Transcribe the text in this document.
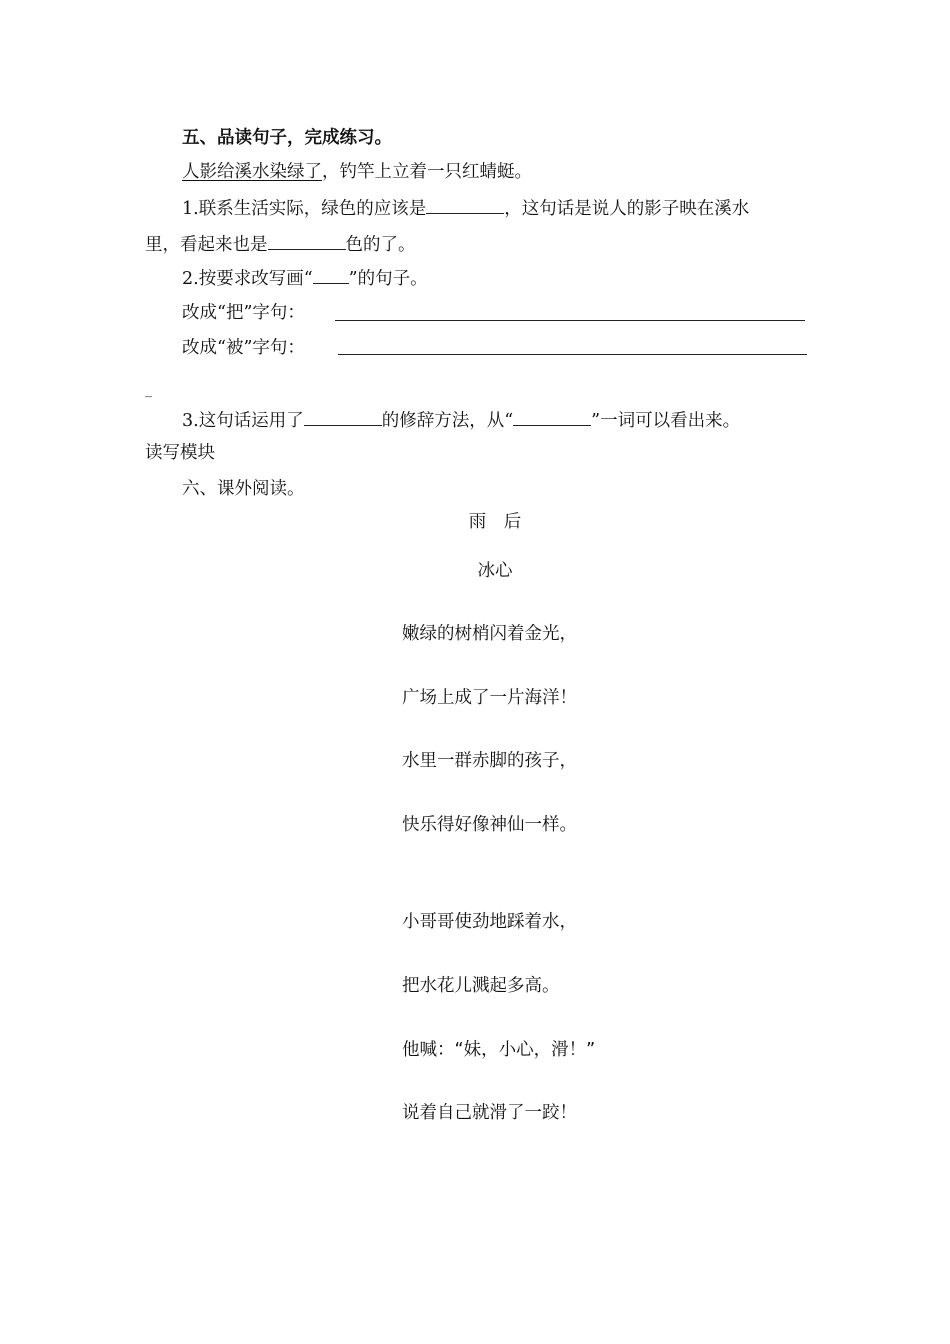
五、品读句子，完成练习。
人影给溪水染绿了，钓竿上立着一只红蜻蜓。
1.联系生活实际，绿色的应该是	，这句话是说人的影子映在溪水
里，看起来也是	色的了。
2.按要求改写画“ ”的句子。
改成“把”字句：
改成“被”字句：
_
3.这句话运用了	的修辞方法，从“	”一词可以看出来。
读写模块
六、课外阅读。
雨　后
冰心
嫩绿的树梢闪着金光，
广场上成了一片海洋！
水里一群赤脚的孩子，
快乐得好像神仙一样。
小哥哥使劲地踩着水，
把水花儿溅起多高。
他喊：“妹，小心，滑！”
说着自己就滑了一跤！
